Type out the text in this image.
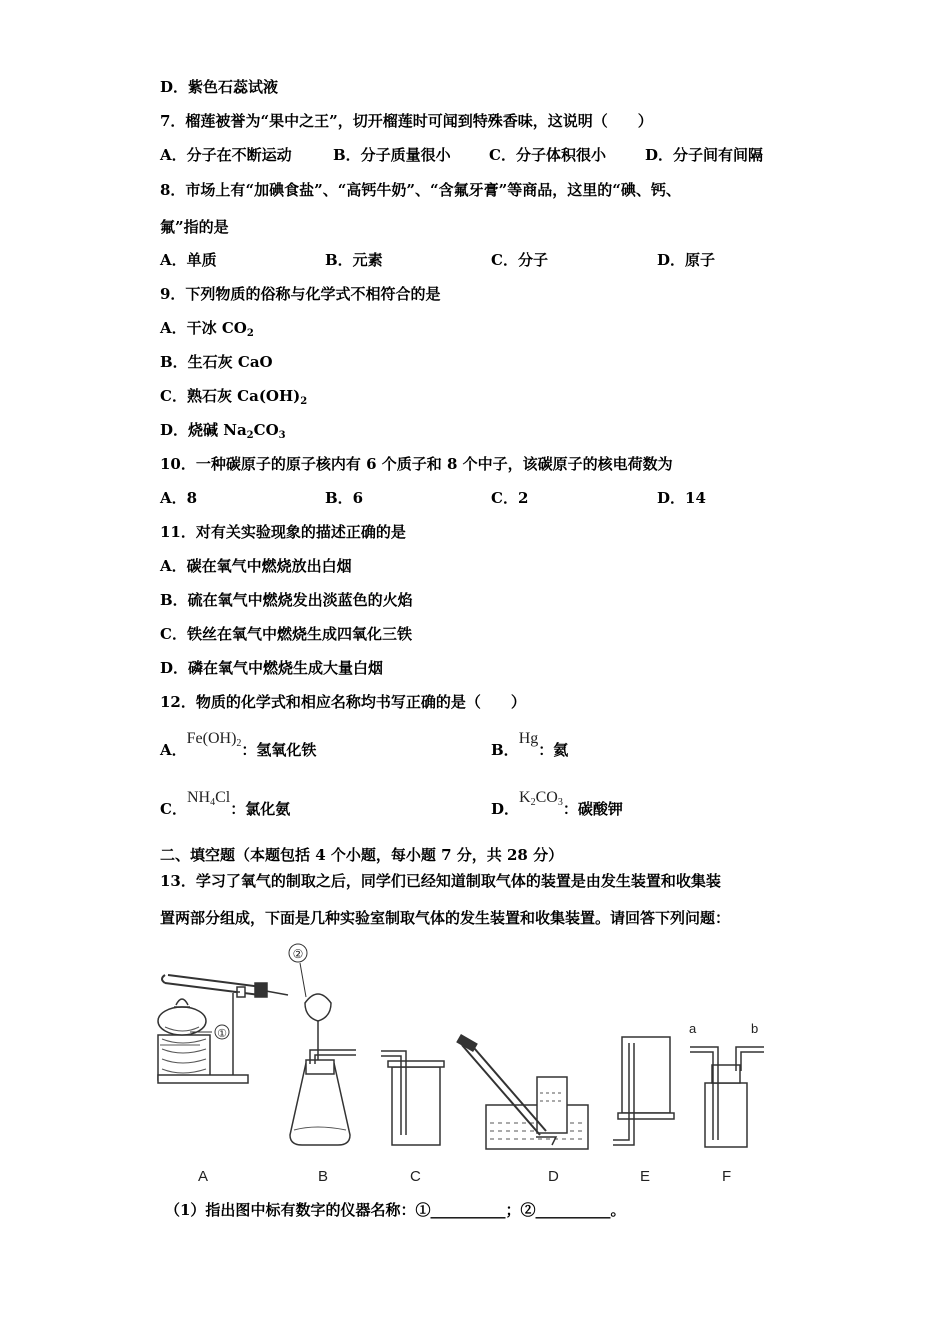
D．紫色石蕊试液
7．榴莲被誉为“果中之王”，切开榴莲时可闻到特殊香味，这说明（　　）
A．分子在不断运动	B．分子质量很小	C．分子体积很小	D．分子间有间隔
8．市场上有“加碘食盐”、“高钙牛奶”、“含氟牙膏”等商品，这里的“碘、钙、
氟”指的是
A．单质	B．元素	C．分子	D．原子
9．下列物质的俗称与化学式不相符合的是
A．干冰 $CO_2$
B．生石灰 CaO
C．熟石灰 $Ca(OH)_2$
D．烧碱 $Na_2CO_3$
10．一种碳原子的原子核内有 6 个质子和 8 个中子，该碳原子的核电荷数为
A．8	B．6	C．2	D．14
11．对有关实验现象的描述正确的是
A．碳在氧气中燃烧放出白烟
B．硫在氧气中燃烧发出淡蓝色的火焰
C．铁丝在氧气中燃烧生成四氧化三铁
D．磷在氧气中燃烧生成大量白烟
12．物质的化学式和相应名称均书写正确的是（　　）
A．$Fe(OH)_2$：氢氧化铁	B．Hg：氦
C．$NH_4Cl$：氯化氨	D．$K_2CO_3$：碳酸钾
二、填空题（本题包括 4 个小题，每小题 7 分，共 28 分）
13．学习了氧气的制取之后，同学们已经知道制取气体的装置是由发生装置和收集装
置两部分组成，下面是几种实验室制取气体的发生装置和收集装置。请回答下列问题：
①
②
a	b
A	B	C	D	E	F
（1）指出图中标有数字的仪器名称：①__________；②__________。
